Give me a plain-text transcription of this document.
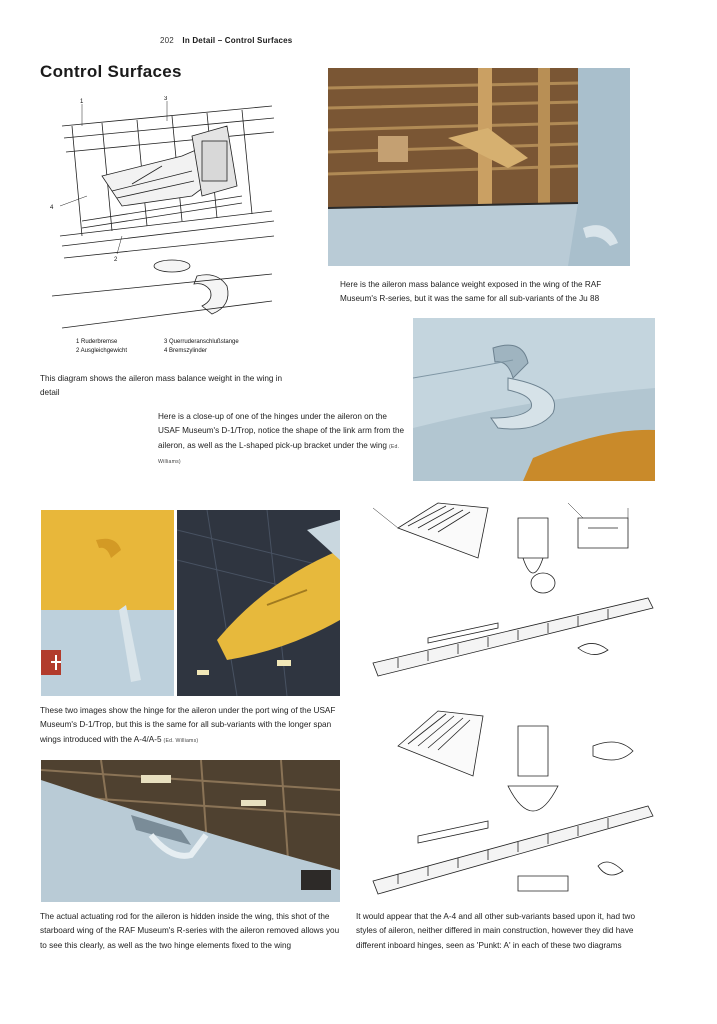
202 In Detail – Control Surfaces
Control Surfaces
1	3
4
2
1 Ruderbremse	3 Querruderanschlußstange
2 Ausgleichgewicht	4 Bremszylinder
This diagram shows the aileron mass balance weight in the wing in detail
Here is the aileron mass balance weight exposed in the wing of the RAF Museum's R-series, but it was the same for all sub-variants of the Ju 88
Here is a close-up of one of the hinges under the aileron on the USAF Museum's D-1/Trop, notice the shape of the link arm from the aileron, as well as the L-shaped pick-up bracket under the wing (Ed. Williams)
These two images show the hinge for the aileron under the port wing of the USAF Museum's D-1/Trop, but this is the same for all sub-variants with the longer span wings introduced with the A-4/A-5 (Ed. Williams)
The actual actuating rod for the aileron is hidden inside the wing, this shot of the starboard wing of the RAF Museum's R-series with the aileron removed allows you to see this clearly, as well as the two hinge elements fixed to the wing
It would appear that the A-4 and all other sub-variants based upon it, had two styles of aileron, neither differed in main construction, however they did have different inboard hinges, seen as 'Punkt: A' in each of these two diagrams
